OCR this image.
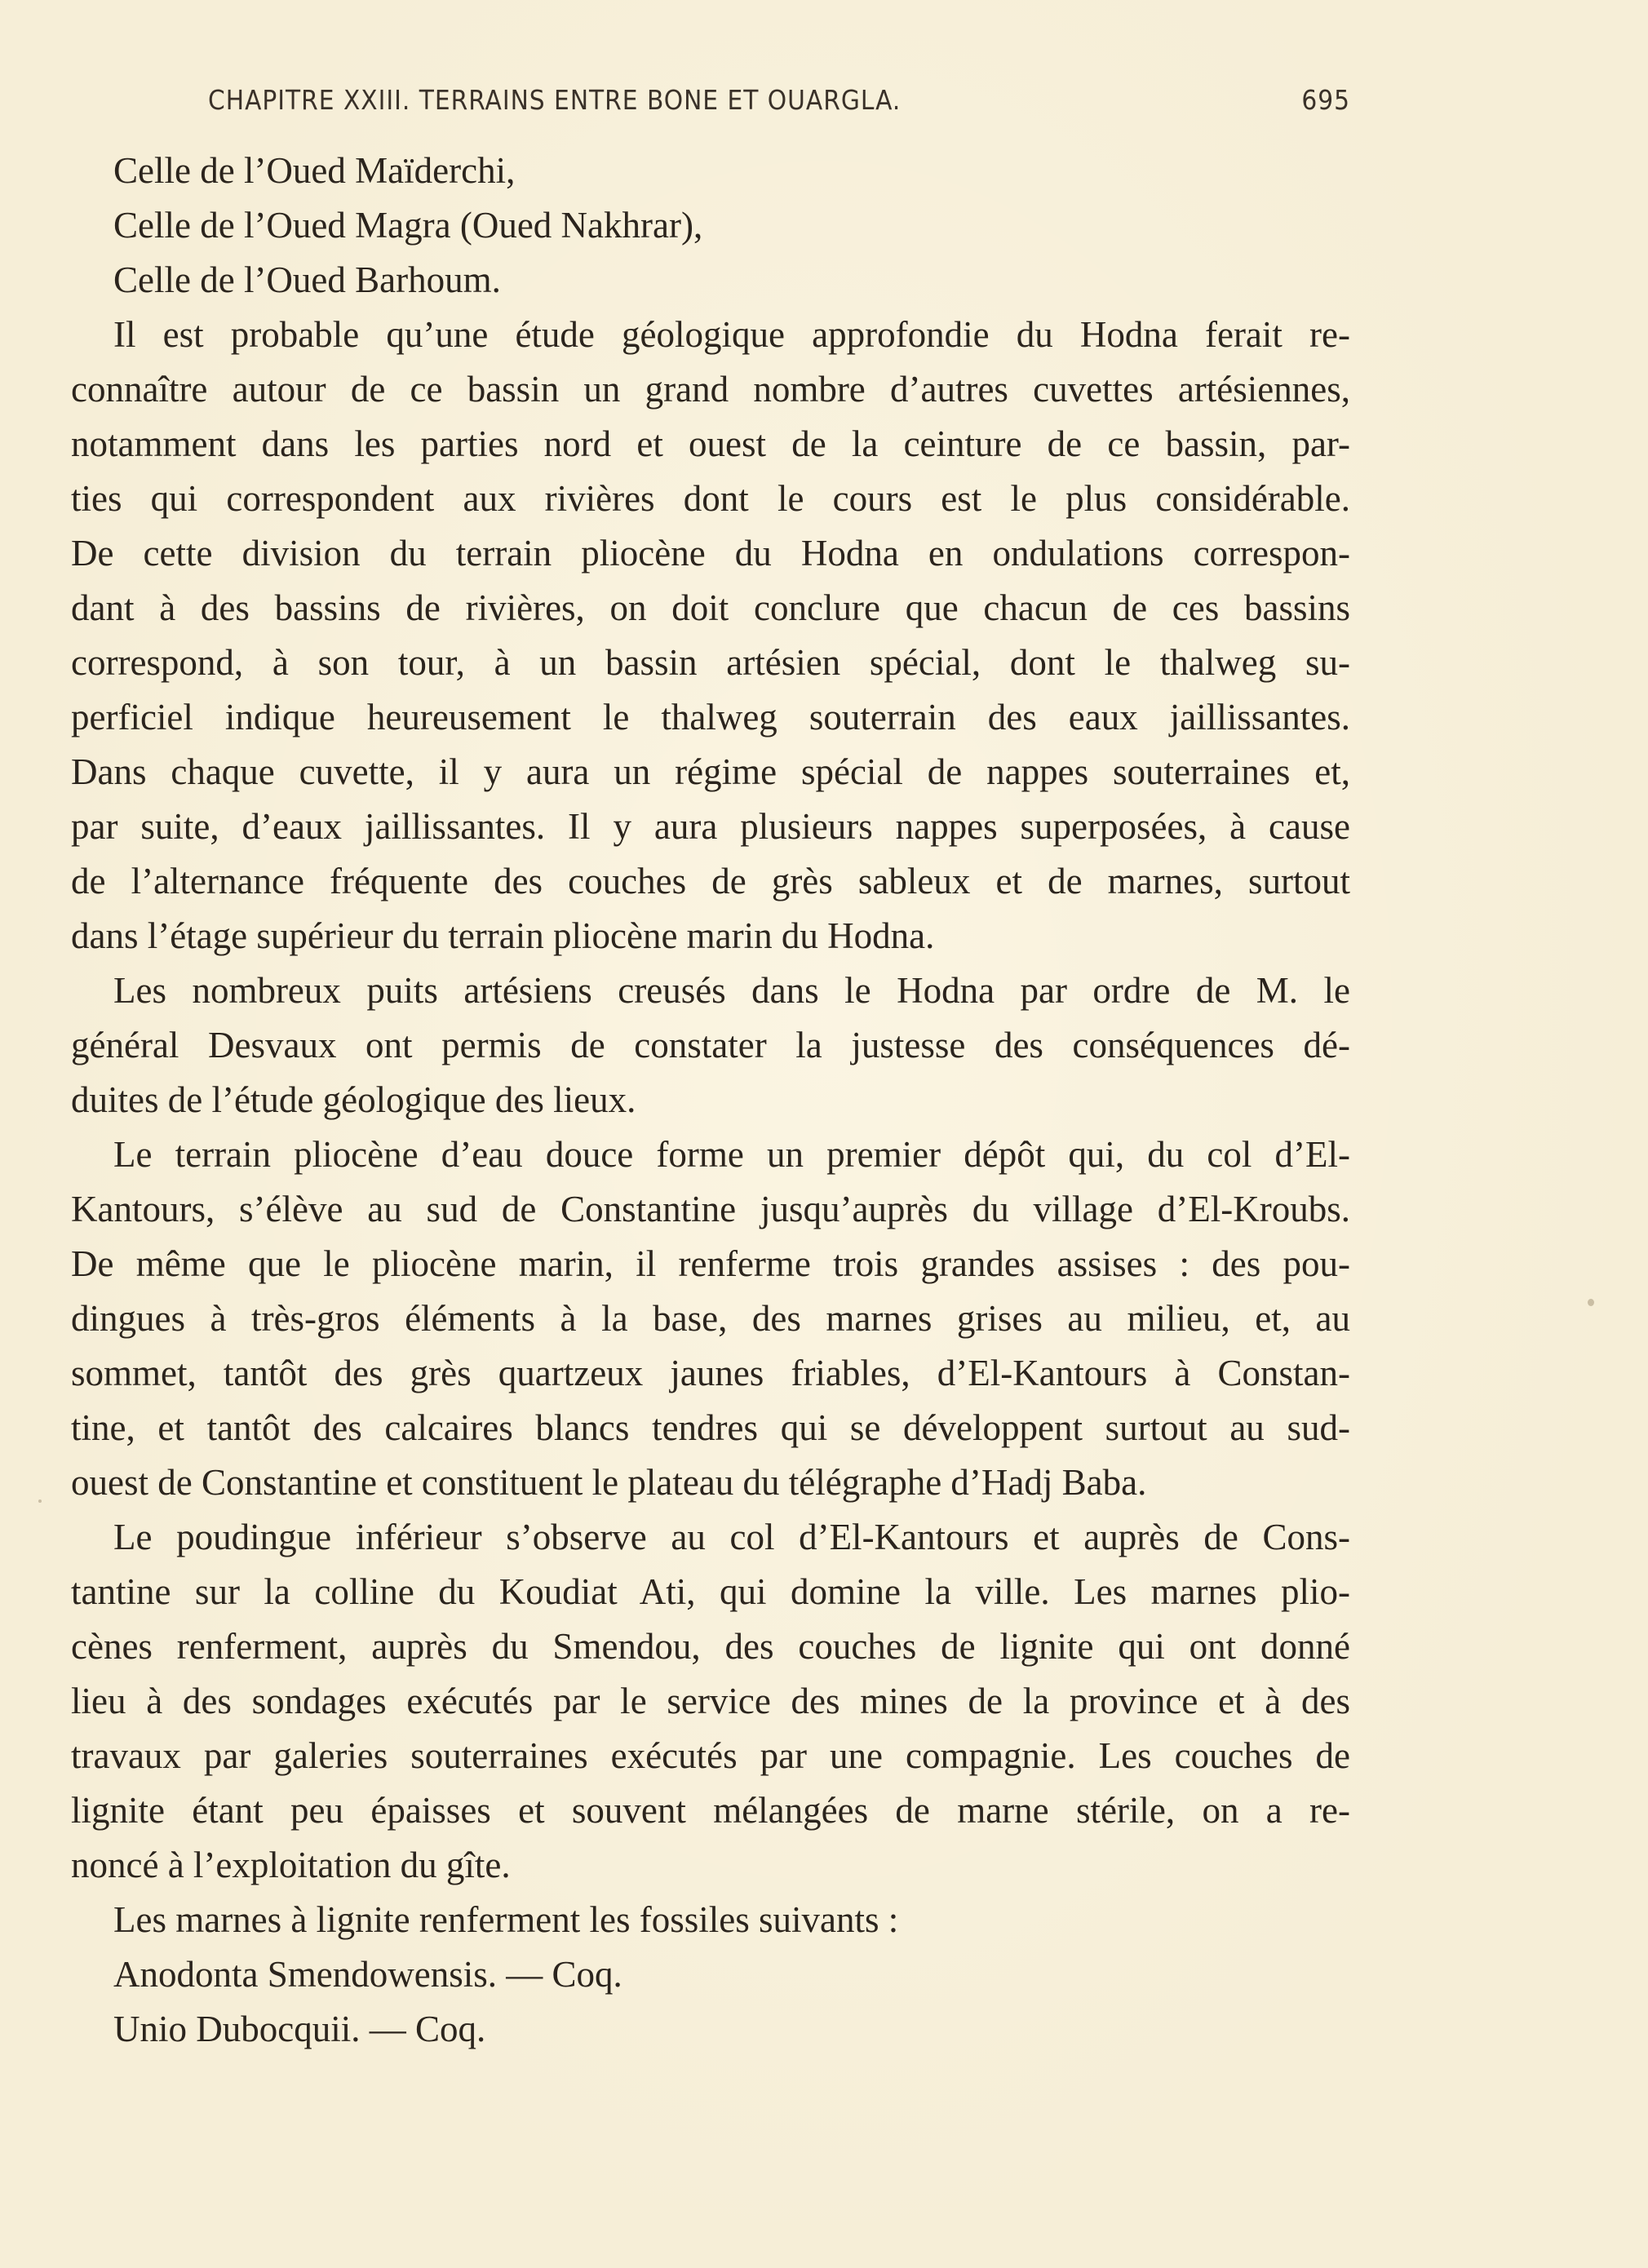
CHAPITRE XXIII. TERRAINS ENTRE BONE ET OUARGLA.	695
Celle de l’Oued Maïderchi,
Celle de l’Oued Magra (Oued Nakhrar),
Celle de l’Oued Barhoum.
Il est probable qu’une étude géologique approfondie du Hodna ferait re-
connaître autour de ce bassin un grand nombre d’autres cuvettes artésiennes,
notamment dans les parties nord et ouest de la ceinture de ce bassin, par-
ties qui correspondent aux rivières dont le cours est le plus considérable.
De cette division du terrain pliocène du Hodna en ondulations correspon-
dant à des bassins de rivières, on doit conclure que chacun de ces bassins
correspond, à son tour, à un bassin artésien spécial, dont le thalweg su-
perficiel indique heureusement le thalweg souterrain des eaux jaillissantes.
Dans chaque cuvette, il y aura un régime spécial de nappes souterraines et,
par suite, d’eaux jaillissantes. Il y aura plusieurs nappes superposées, à cause
de l’alternance fréquente des couches de grès sableux et de marnes, surtout
dans l’étage supérieur du terrain pliocène marin du Hodna.
Les nombreux puits artésiens creusés dans le Hodna par ordre de M. le
général Desvaux ont permis de constater la justesse des conséquences dé-
duites de l’étude géologique des lieux.
Le terrain pliocène d’eau douce forme un premier dépôt qui, du col d’El-
Kantours, s’élève au sud de Constantine jusqu’auprès du village d’El-Kroubs.
De même que le pliocène marin, il renferme trois grandes assises : des pou-
dingues à très-gros éléments à la base, des marnes grises au milieu, et, au
sommet, tantôt des grès quartzeux jaunes friables, d’El-Kantours à Constan-
tine, et tantôt des calcaires blancs tendres qui se développent surtout au sud-
ouest de Constantine et constituent le plateau du télégraphe d’Hadj Baba.
Le poudingue inférieur s’observe au col d’El-Kantours et auprès de Cons-
tantine sur la colline du Koudiat Ati, qui domine la ville. Les marnes plio-
cènes renferment, auprès du Smendou, des couches de lignite qui ont donné
lieu à des sondages exécutés par le service des mines de la province et à des
travaux par galeries souterraines exécutés par une compagnie. Les couches de
lignite étant peu épaisses et souvent mélangées de marne stérile, on a re-
noncé à l’exploitation du gîte.
Les marnes à lignite renferment les fossiles suivants :
Anodonta Smendowensis. — Coq.
Unio Dubocquii. — Coq.
